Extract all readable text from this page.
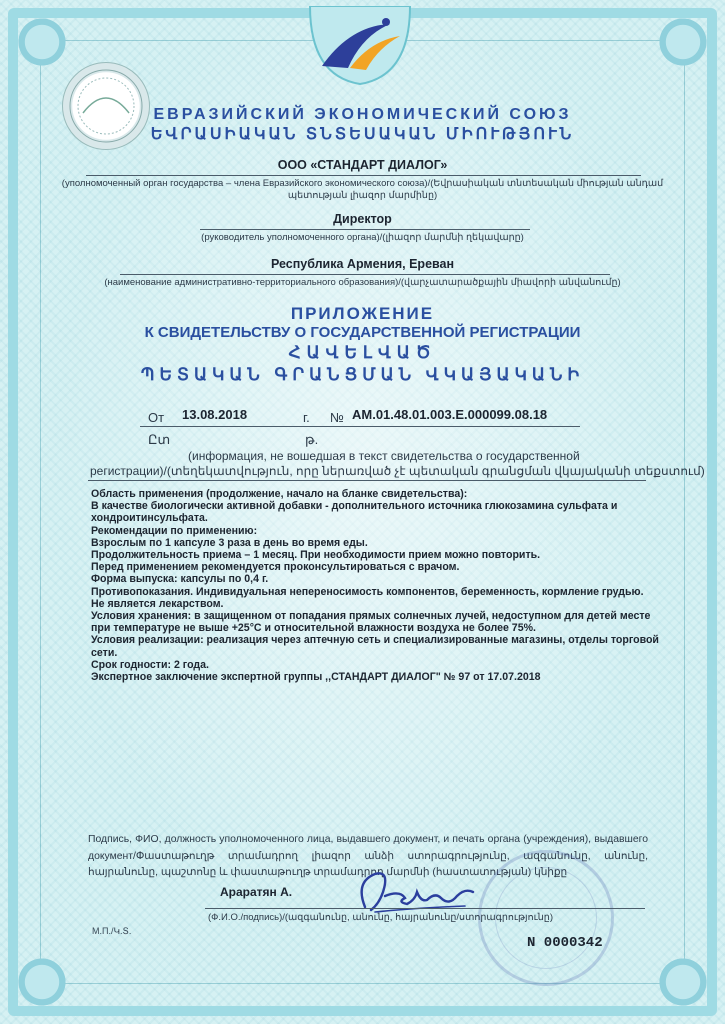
ЕВРАЗИЙСКИЙ ЭКОНОМИЧЕСКИЙ СОЮЗ
ԵՎՐԱՍԻԱԿԱՆ ՏՆՏԵՍԱԿԱՆ ՄԻՈՒԹՅՈՒՆ
ООО «СТАНДАРТ ДИАЛОГ»
(уполномоченный орган государства – члена Евразийского экономического союза)/(Եվրասիական տնտեսական միության անդամ
պետության լիազոր մարմինը)
Директор
(руководитель уполномоченного органа)/(լիազոր մարմնի ղեկավարը)
Республика Армения, Ереван
(наименование административно-территориального образования)/(վարչատարածքային միավորի անվանումը)
ПРИЛОЖЕНИЕ
К СВИДЕТЕЛЬСТВУ О ГОСУДАРСТВЕННОЙ РЕГИСТРАЦИИ
ՀԱՎԵԼՎԱԾ
ՊԵՏԱԿԱՆ ԳՐԱՆՑՄԱՆ ՎԿԱՅԱԿԱՆԻ
От 13.08.2018	г. № АМ.01.48.01.003.Е.000099.08.18
Ըտ	թ.
(информация, не вошедшая в текст свидетельства о государственной
регистрации)/(տեղեկատվություն, որը ներառված չէ պետական գրանցման վկայականի տեքստում)

Область применения (продолжение, начало на бланке свидетельства):

В качестве биологически активной добавки - дополнительного источника глюкозамина сульфата и хондроитинсульфата.

Рекомендации по применению:

Взрослым по 1 капсуле 3 раза в день во время еды.

Продолжительность приема – 1 месяц. При необходимости прием можно повторить.

Перед применением рекомендуется проконсультироваться с врачом.

Форма выпуска: капсулы по 0,4 г.

Противопоказания. Индивидуальная непереносимость компонентов, беременность, кормление грудью.

Не является лекарством.

Условия хранения: в защищенном от попадания прямых солнечных лучей, недоступном для детей месте при температуре не выше +25°С и относительной влажности воздуха не более 75%.

Условия реализации: реализация через аптечную сеть и специализированные магазины, отделы торговой сети.

Срок годности: 2 года.

Экспертное заключение экспертной группы ,,СТАНДАРТ ДИАЛОГ" № 97 от 17.07.2018

Подпись, ФИО, должность уполномоченного лица, выдавшего документ, и печать органа (учреждения), выдавшего документ/Փաստաթուղթ տրամադրող լիազոր անձի ստորագրությունը, ազգանունը, անունը, հայրանունը, պաշտոնը և փաստաթուղթ տրամադրող մարմնի (հաստատության) կնիքը

Араратян А.
(Ф.И.О./подпись)/(ազգանունը, անունը, հայրանունը/ստորագրությունը)
М.П./Կ.Տ.
N 0000342
